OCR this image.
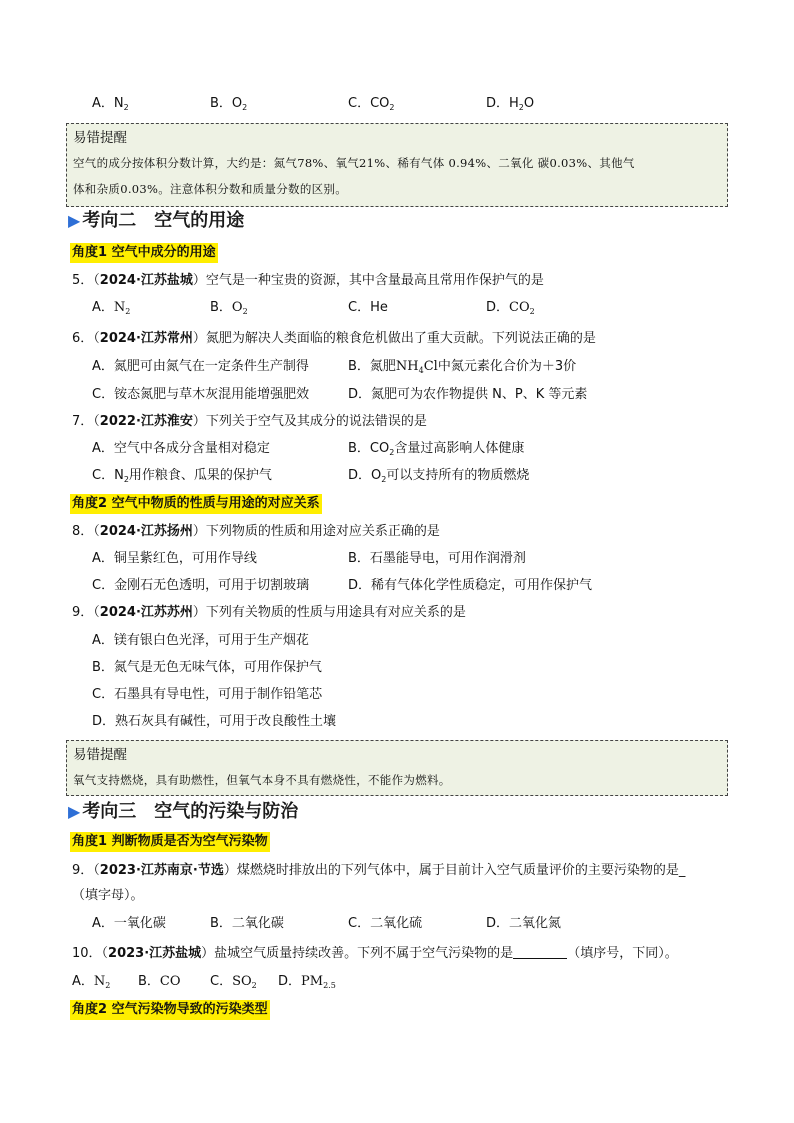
A．$N_2$	B．$O_2$	C．$CO_2$	D．$H_2O$
易错提醒
空气的成分按体积分数计算，大约是：氮气78%、氧气21%、稀有气体 0.94%、二氧化 碳0.03%、其他气
体和杂质0.03%。注意体积分数和质量分数的区别。
▶ 考向二　空气的用途
角度1 空气中成分的用途
5．（2024·江苏盐城）空气是一种宝贵的资源，其中含量最高且常用作保护气的是
A．$N_2$	B．$O_2$	C．He	D．$CO_2$
6．（2024·江苏常州）氮肥为解决人类面临的粮食危机做出了重大贡献。下列说法正确的是
A．氮肥可由氮气在一定条件生产制得	B．氮肥$NH_4Cl$中氮元素化合价为＋3价
C．铵态氮肥与草木灰混用能增强肥效	D．氮肥可为农作物提供 N、P、K 等元素
7．（2022·江苏淮安）下列关于空气及其成分的说法错误的是
A．空气中各成分含量相对稳定	B．$CO_2$含量过高影响人体健康
C．$N_2$用作粮食、瓜果的保护气	D．$O_2$可以支持所有的物质燃烧
角度2 空气中物质的性质与用途的对应关系
8．（2024·江苏扬州）下列物质的性质和用途对应关系正确的是
A．铜呈紫红色，可用作导线	B．石墨能导电，可用作润滑剂
C．金刚石无色透明，可用于切割玻璃	D．稀有气体化学性质稳定，可用作保护气
9．（2024·江苏苏州）下列有关物质的性质与用途具有对应关系的是
A．镁有银白色光泽，可用于生产烟花
B．氮气是无色无味气体，可用作保护气
C．石墨具有导电性，可用于制作铅笔芯
D．熟石灰具有碱性，可用于改良酸性土壤
易错提醒
氧气支持燃烧，具有助燃性，但氧气本身不具有燃烧性，不能作为燃料。
▶ 考向三　空气的污染与防治
角度1 判断物质是否为空气污染物
9．（2023·江苏南京·节选）煤燃烧时排放出的下列气体中，属于目前计入空气质量评价的主要污染物的是_
（填字母）。
A．一氧化碳	B．二氧化碳	C．二氧化硫	D．二氧化氮
10．（2023·江苏盐城）盐城空气质量持续改善。下列不属于空气污染物的是	（填序号，下同）。
A．$N_2$ B．CO C．$SO_2$ D．$PM_{2.5}$
角度2 空气污染物导致的污染类型
